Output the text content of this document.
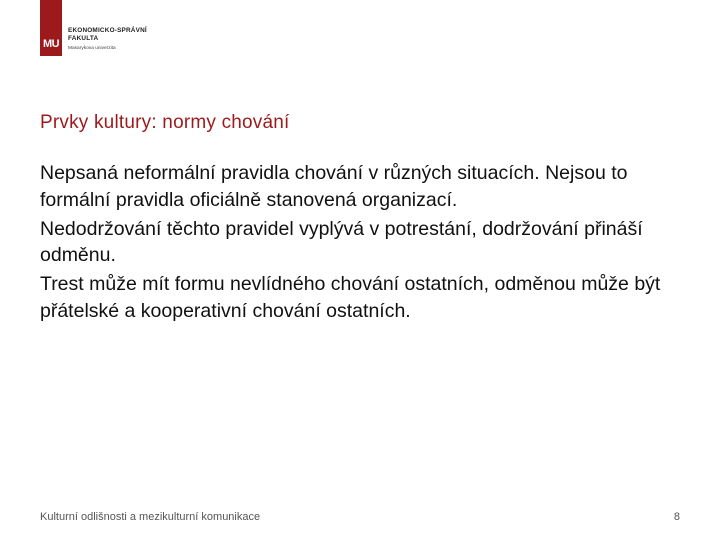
MU
EKONOMICKO-SPRÁVNÍ
FAKULTA
Masarykova univerzita
Prvky kultury: normy chování

Nepsaná neformální pravidla chování v různých situacích. Nejsou to formální pravidla oficiálně stanovená organizací.

Nedodržování těchto pravidel vyplývá v potrestání, dodržování přináší odměnu.

Trest může mít formu nevlídného chování ostatních, odměnou může být přátelské a kooperativní chování ostatních.

Kulturní odlišnosti a mezikulturní komunikace	8
